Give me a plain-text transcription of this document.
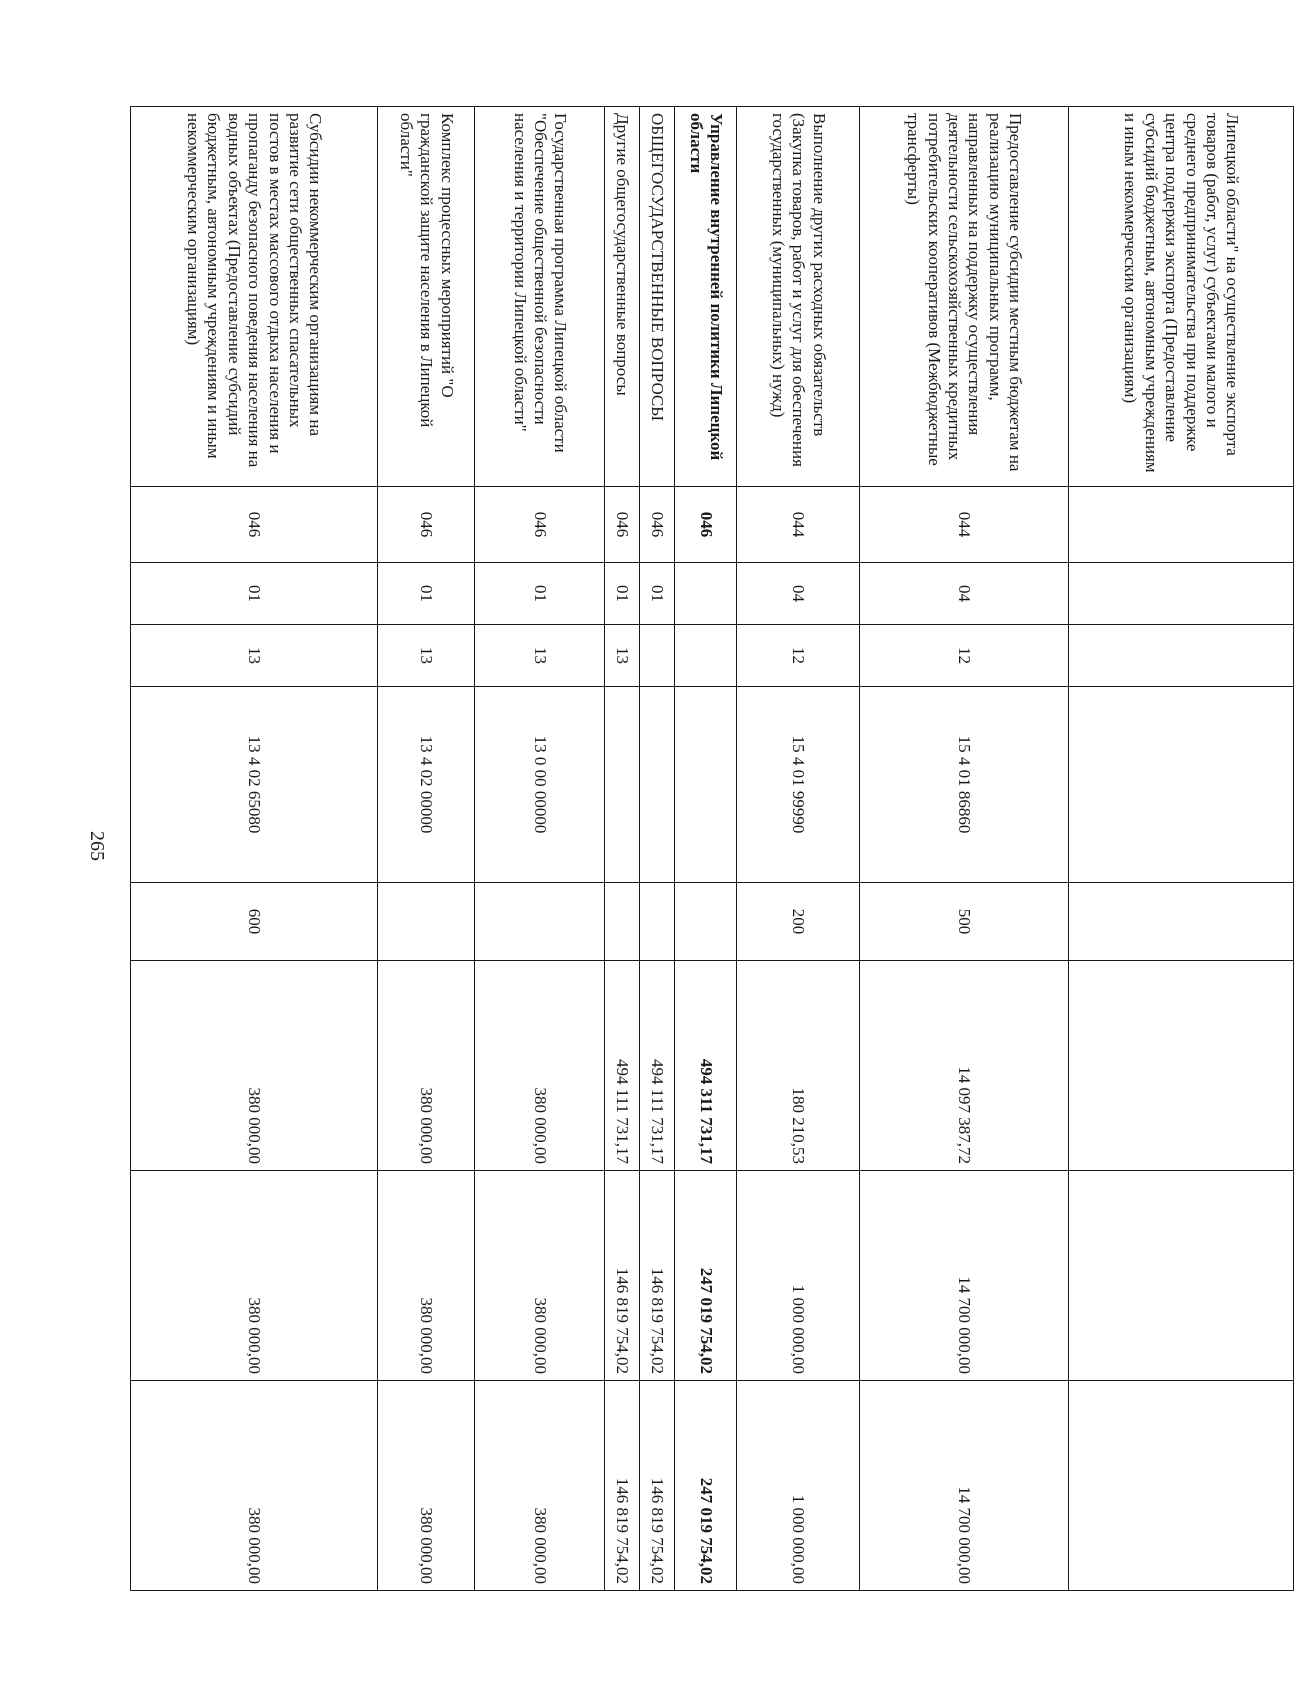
265
Липецкой области" на осуществление экспорта товаров (работ, услуг) субъектами малого и среднего предпринимательства при поддержке центра поддержки экспорта (Предоставление субсидий бюджетным, автономным учреждениям и иным некоммерческим организациям)								
Предоставление субсидии местным бюджетам на реализацию муниципальных программ, направленных на поддержку осуществления деятельности сельскохозяйственных кредитных потребительских кооперативов (Межбюджетные трансферты)	044	04	12	15 4 01 86860	500	14 097 387,72	14 700 000,00	14 700 000,00
Выполнение других расходных обязательств (Закупка товаров, работ и услуг для обеспечения государственных (муниципальных) нужд)	044	04	12	15 4 01 99990	200	180 210,53	1 000 000,00	1 000 000,00
Управление внутренней политики Липецкой области	046					494 311 731,17	247 019 754,02	247 019 754,02
ОБЩЕГОСУДАРСТВЕННЫЕ ВОПРОСЫ	046	01				494 111 731,17	146 819 754,02	146 819 754,02
Другие общегосударственные вопросы	046	01	13			494 111 731,17	146 819 754,02	146 819 754,02
Государственная программа Липецкой области "Обеспечение общественной безопасности населения и территории Липецкой области"	046	01	13	13 0 00 00000		380 000,00	380 000,00	380 000,00
Комплекс процессных мероприятий "О гражданской защите населения в Липецкой области"	046	01	13	13 4 02 00000		380 000,00	380 000,00	380 000,00
Субсидии некоммерческим организациям на развитие сети общественных спасательных постов в местах массового отдыха населения и пропаганду безопасного поведения населения на водных объектах (Предоставление субсидий бюджетным, автономным учреждениям и иным некоммерческим организациям)	046	01	13	13 4 02 65080	600	380 000,00	380 000,00	380 000,00
